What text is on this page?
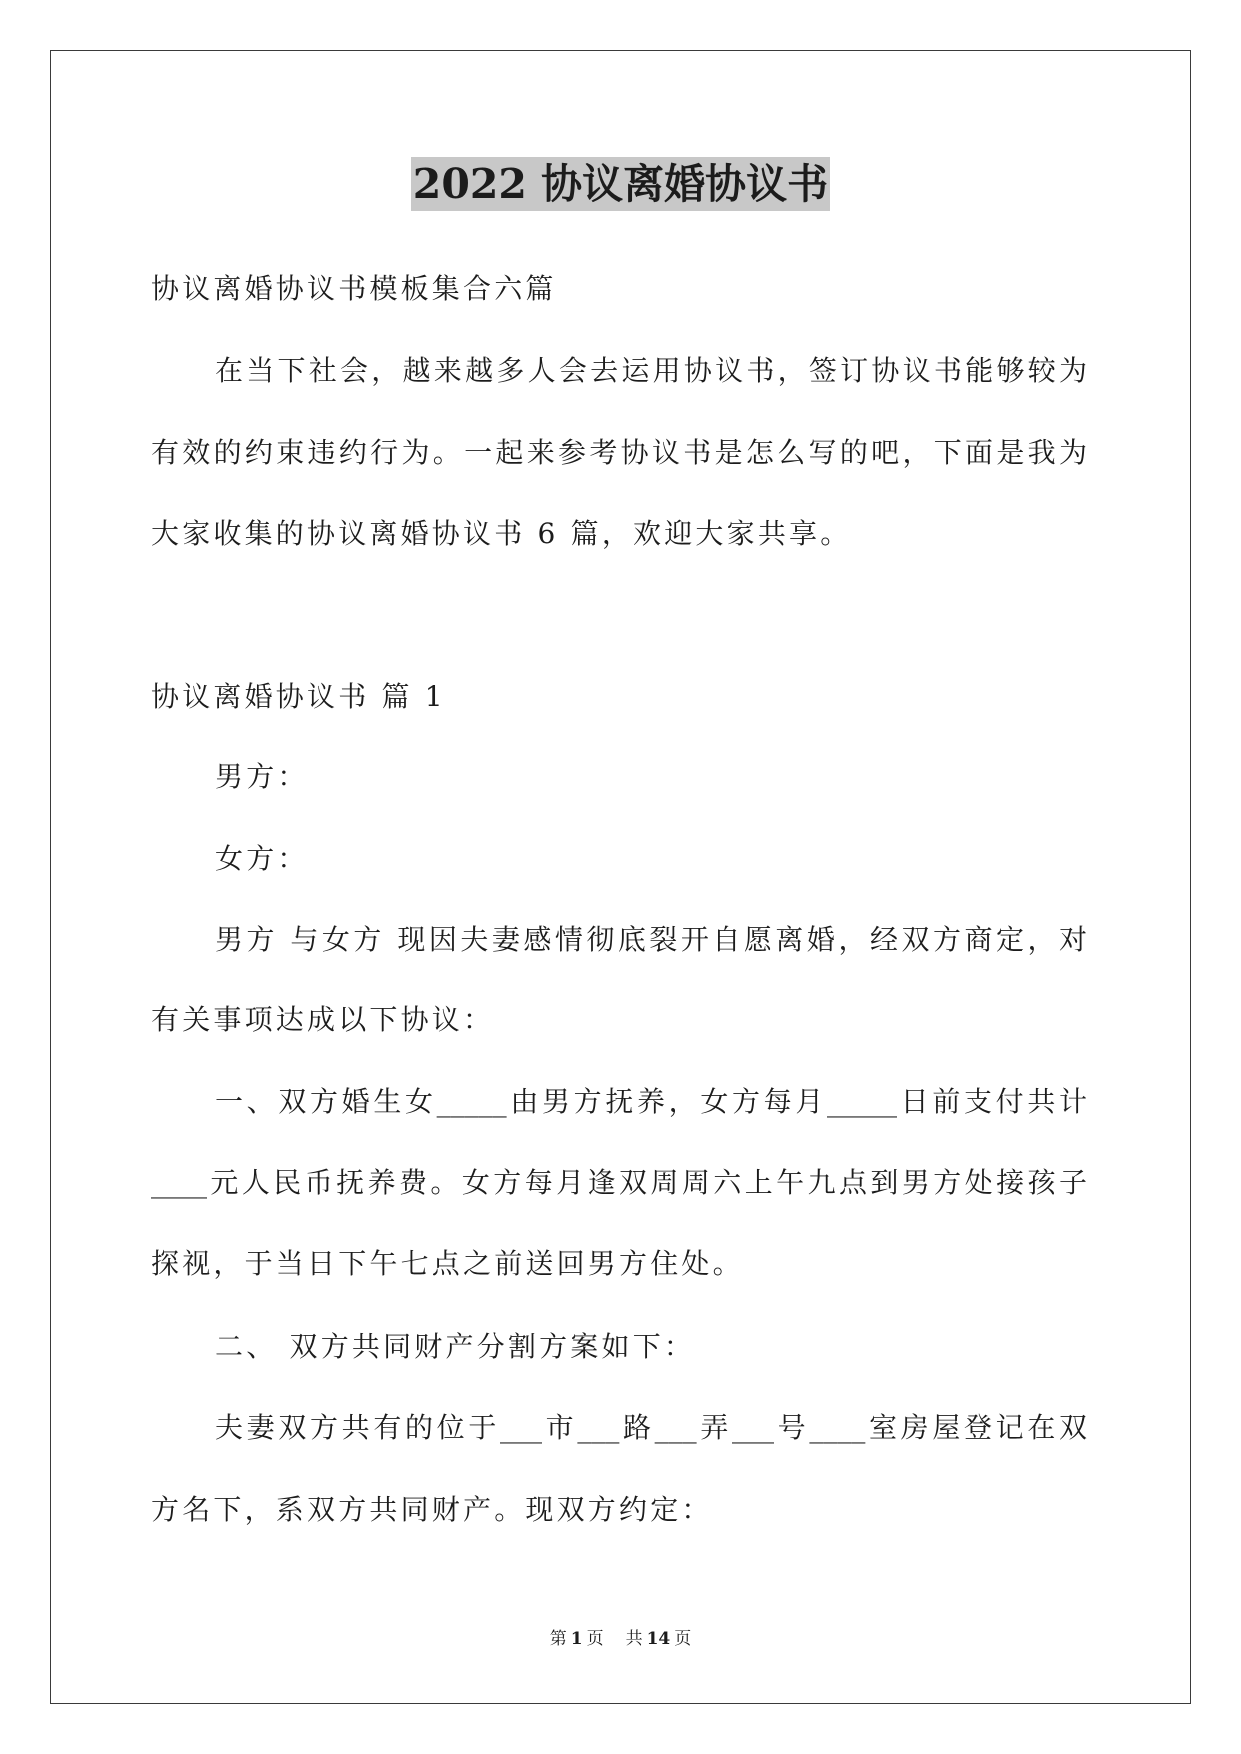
2022 协议离婚协议书
协议离婚协议书模板集合六篇
在当下社会，越来越多人会去运用协议书，签订协议书能够较为
有效的约束违约行为。一起来参考协议书是怎么写的吧，下面是我为
大家收集的协议离婚协议书 6 篇，欢迎大家共享。
协议离婚协议书 篇 1
男方：
女方：
男方 与女方 现因夫妻感情彻底裂开自愿离婚，经双方商定，对
有关事项达成以下协议：
一、双方婚生女_____由男方抚养，女方每月_____日前支付共计
____元人民币抚养费。女方每月逢双周周六上午九点到男方处接孩子
探视，于当日下午七点之前送回男方住处。
二、 双方共同财产分割方案如下：
夫妻双方共有的位于___市___路___弄___号____室房屋登记在双
方名下，系双方共同财产。现双方约定：
第 1 页 共 14 页
